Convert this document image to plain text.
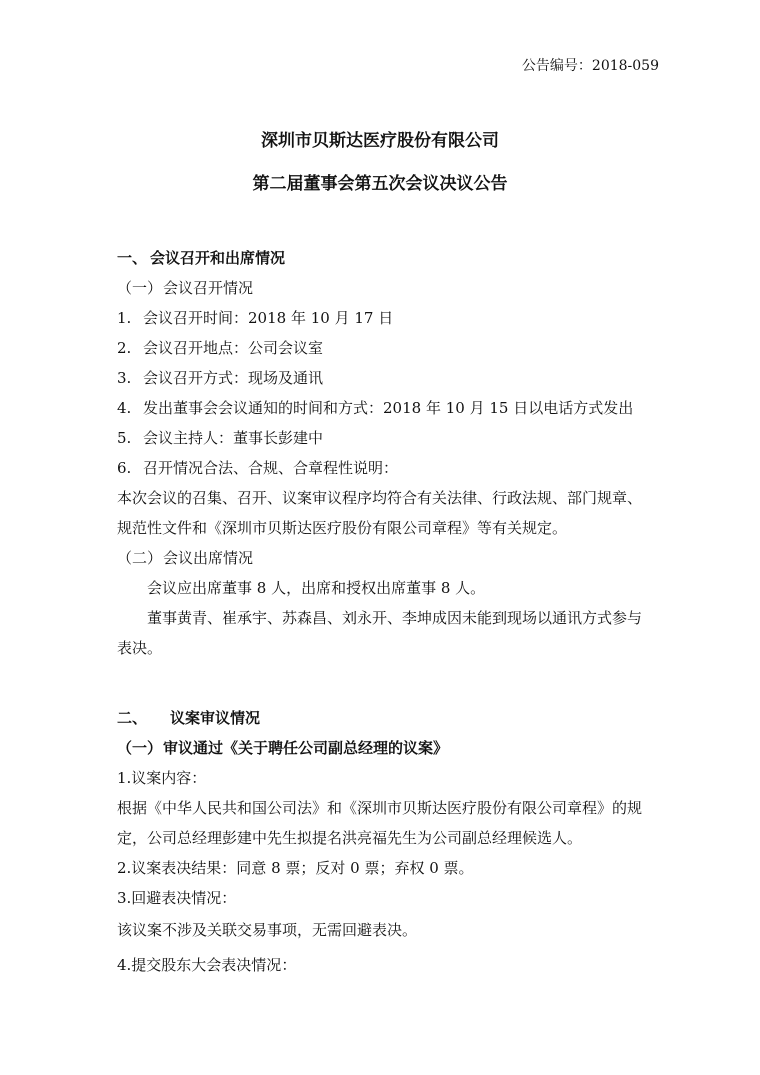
公告编号：2018-059
深圳市贝斯达医疗股份有限公司
第二届董事会第五次会议决议公告
一、 会议召开和出席情况
（一）会议召开情况
1. 会议召开时间：2018 年 10 月 17 日
2. 会议召开地点：公司会议室
3. 会议召开方式：现场及通讯
4. 发出董事会会议通知的时间和方式：2018 年 10 月 15 日以电话方式发出
5. 会议主持人：董事长彭建中
6. 召开情况合法、合规、合章程性说明：
本次会议的召集、召开、议案审议程序均符合有关法律、行政法规、部门规章、
规范性文件和《深圳市贝斯达医疗股份有限公司章程》等有关规定。
（二）会议出席情况
会议应出席董事 8 人，出席和授权出席董事 8 人。
董事黄青、崔承宇、苏森昌、刘永开、李坤成因未能到现场以通讯方式参与
表决。
二、 议案审议情况
（一）审议通过《关于聘任公司副总经理的议案》
1.议案内容：
根据《中华人民共和国公司法》和《深圳市贝斯达医疗股份有限公司章程》的规
定，公司总经理彭建中先生拟提名洪亮福先生为公司副总经理候选人。
2.议案表决结果：同意 8 票；反对 0 票；弃权 0 票。
3.回避表决情况：
该议案不涉及关联交易事项，无需回避表决。
4.提交股东大会表决情况：
